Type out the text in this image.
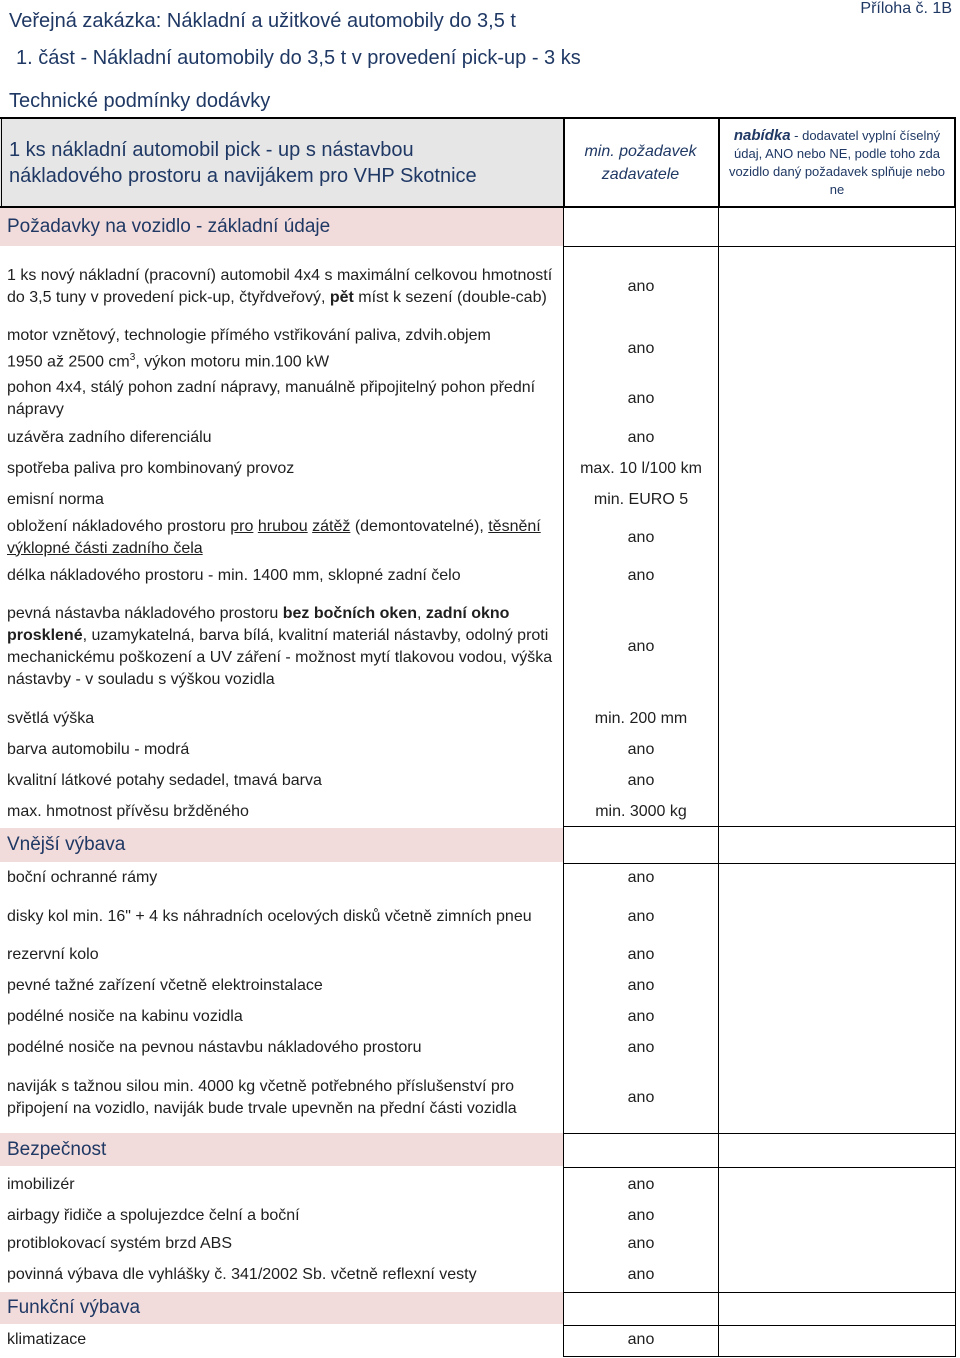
Veřejná zakázka: Nákladní a užitkové automobily do 3,5 t
1. část - Nákladní automobily do 3,5 t v provedení pick-up - 3 ks
Příloha č. 1B
Technické podmínky dodávky
1 ks nákladní automobil pick - up s nástavbou
nákladového prostoru a navijákem pro VHP Skotnice
min. požadavek
zadavatele
nabídka - dodavatel vyplní číselný údaj, ANO nebo NE, podle toho zda vozidlo daný požadavek splňuje nebo ne
Požadavky na vozidlo - základní údaje
1 ks nový nákladní (pracovní) automobil 4x4 s maximální celkovou hmotností do 3,5 tuny v provedení pick-up, čtyřdveřový, pět míst k sezení (double-cab)
ano
motor vznětový, technologie přímého vstřikování paliva, zdvih.objem
1950 až 2500 $cm^3$, výkon motoru min.100 kW
ano
pohon 4x4, stálý pohon zadní nápravy, manuálně připojitelný pohon přední nápravy
ano
uzávěra zadního diferenciálu	ano
spotřeba paliva pro kombinovaný provoz	max. 10 l/100 km
emisní norma	min. EURO 5
obložení nákladového prostoru pro hrubou zátěž (demontovatelné), těsnění výklopné části zadního čela
ano
délka nákladového prostoru - min. 1400 mm, sklopné zadní čelo	ano
pevná nástavba nákladového prostoru bez bočních oken, zadní okno prosklené, uzamykatelná, barva bílá, kvalitní materiál nástavby, odolný proti mechanickému poškození a UV záření - možnost mytí tlakovou vodou, výška nástavby - v souladu s výškou vozidla
ano
světlá výška	min. 200 mm
barva automobilu - modrá	ano
kvalitní látkové potahy sedadel, tmavá barva	ano
max. hmotnost přívěsu bržděného	min. 3000 kg
Vnější výbava
boční ochranné rámy	ano
disky kol min. 16" + 4 ks náhradních ocelových disků včetně zimních pneu	ano
rezervní kolo	ano
pevné tažné zařízení včetně elektroinstalace	ano
podélné nosiče na kabinu vozidla	ano
podélné nosiče na pevnou nástavbu nákladového prostoru	ano
naviják s tažnou silou min. 4000 kg včetně potřebného příslušenství pro připojení na vozidlo, naviják bude trvale upevněn na přední části vozidla
ano
Bezpečnost
imobilizér	ano
airbagy řidiče a spolujezdce čelní a boční	ano
protiblokovací systém brzd ABS	ano
povinná výbava dle vyhlášky č. 341/2002 Sb. včetně reflexní vesty	ano
Funkční výbava
klimatizace	ano
